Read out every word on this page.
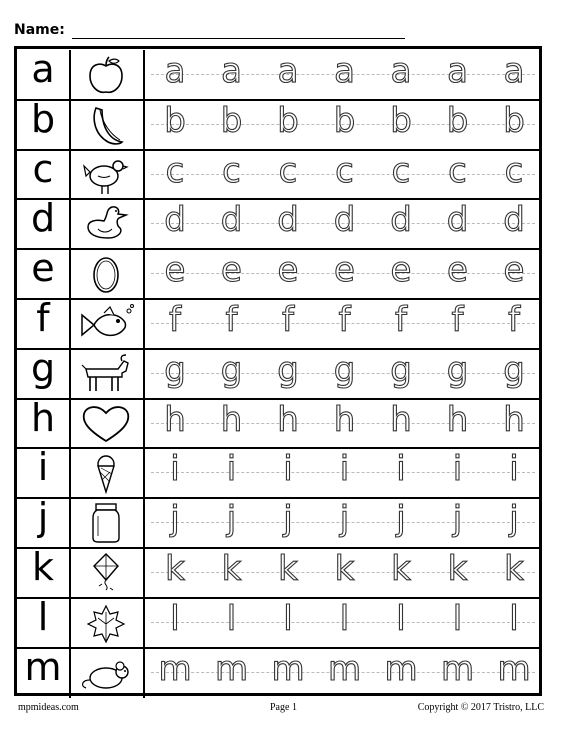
Name:
a	a	a	a	a	a	a	a
b	b	b	b	b	b	b	b
c	c	c	c	c	c	c	c
d	d	d	d	d	d	d	d
e	e	e	e	e	e	e	e
f	f	f	f	f	f	f	f
g	g	g	g	g	g	g	g
h	h	h	h	h	h	h	h
i	i	i	i	i	i	i	i
j	j	j	j	j	j	j	j
k	k	k	k	k	k	k	k
l	l	l	l	l	l	l	l
m	m m m m m m m
mpmideas.com	Page 1	Copyright © 2017 Tristro, LLC
